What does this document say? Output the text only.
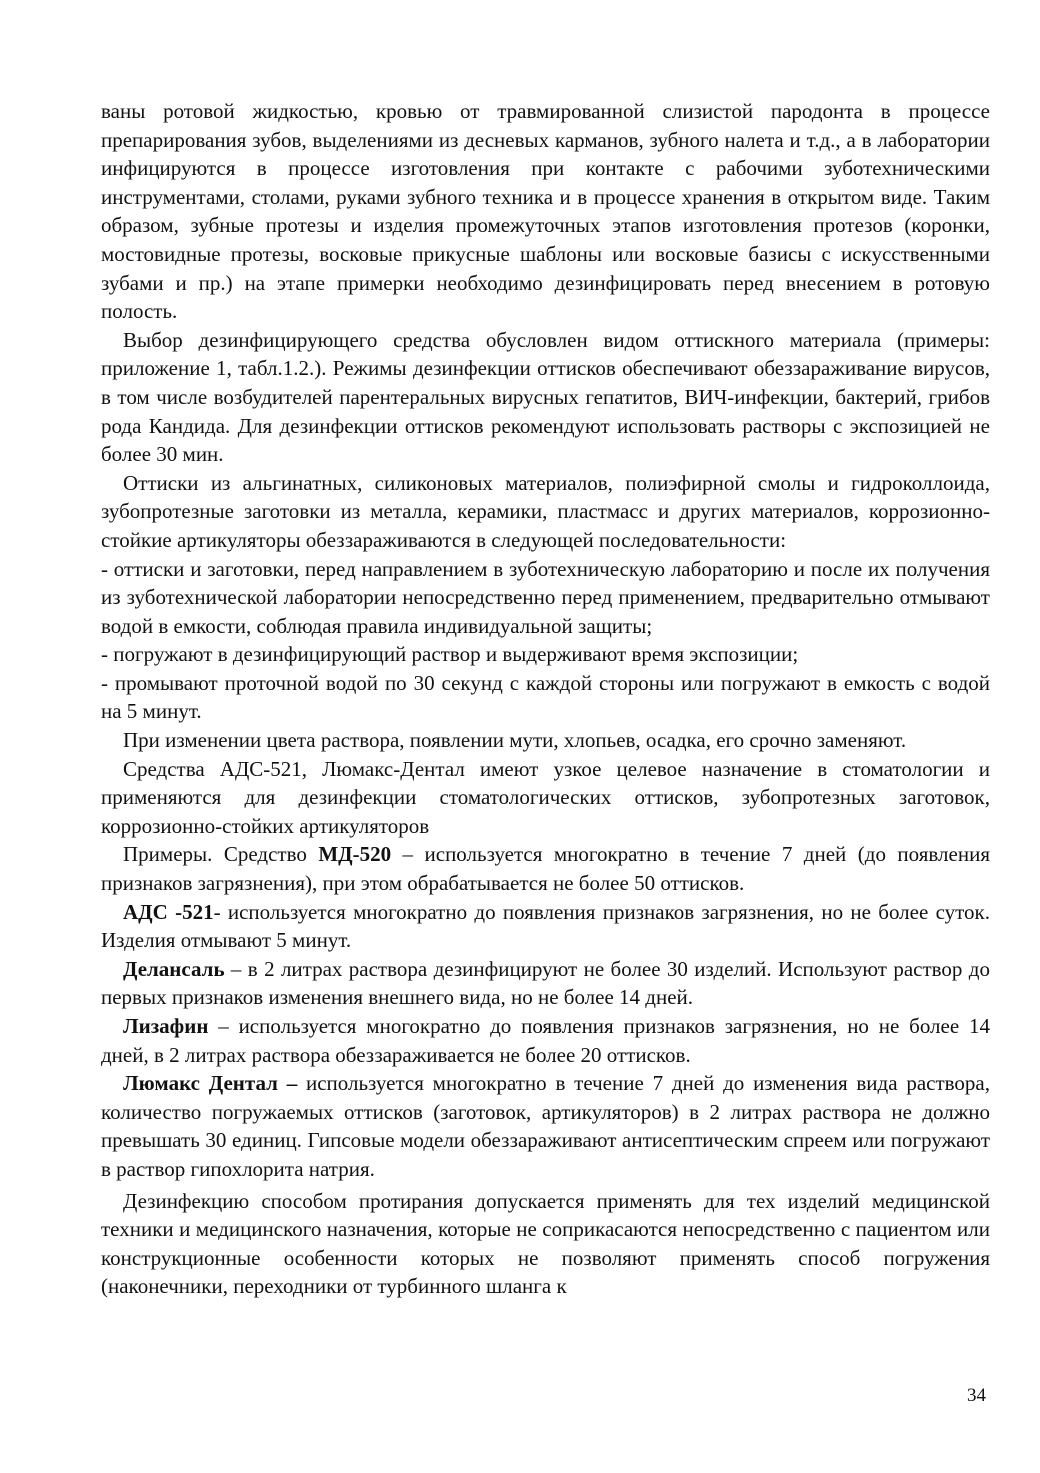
ваны ротовой жидкостью, кровью от травмированной слизистой пародонта в процессе препарирования зубов, выделениями из десневых карманов, зубного налета и т.д., а в лаборатории инфицируются в процессе изготовления при контакте с рабочими зуботехническими инструментами, столами, руками зубного техника и в процессе хранения в открытом виде. Таким образом, зубные протезы и изделия промежуточных этапов изготовления протезов (коронки, мостовидные протезы, восковые прикусные шаблоны или восковые базисы с искусственными зубами и пр.) на этапе примерки необходимо дезинфицировать перед внесением в ротовую полость.

Выбор дезинфицирующего средства обусловлен видом оттискного материала (примеры: приложение 1, табл.1.2.). Режимы дезинфекции оттисков обеспечивают обеззараживание вирусов, в том числе возбудителей парентеральных вирусных гепатитов, ВИЧ-инфекции, бактерий, грибов рода Кандида. Для дезинфекции оттисков рекомендуют использовать растворы с экспозицией не более 30 мин.

Оттиски из альгинатных, силиконовых материалов, полиэфирной смолы и гидроколлоида, зубопротезные заготовки из металла, керамики, пластмасс и других материалов, коррозионно-стойкие артикуляторы обеззараживаются в следующей последовательности:

- оттиски и заготовки, перед направлением в зуботехническую лабораторию и после их получения из зуботехнической лаборатории непосредственно перед применением, предварительно отмывают водой в емкости, соблюдая правила индивидуальной защиты;

- погружают в дезинфицирующий раствор и выдерживают время экспозиции;

- промывают проточной водой по 30 секунд с каждой стороны или погружают в емкость с водой на 5 минут.

При изменении цвета раствора, появлении мути, хлопьев, осадка, его срочно заменяют.

Средства АДС-521, Люмакс-Дентал имеют узкое целевое назначение в стоматологии и применяются для дезинфекции стоматологических оттисков, зубопротезных заготовок, коррозионно-стойких артикуляторов

Примеры. Средство МД-520 – используется многократно в течение 7 дней (до появления признаков загрязнения), при этом обрабатывается не более 50 оттисков.

АДС -521- используется многократно до появления признаков загрязнения, но не более суток. Изделия отмывают 5 минут.

Делансаль – в 2 литрах раствора дезинфицируют не более 30 изделий. Используют раствор до первых признаков изменения внешнего вида, но не более 14 дней.

Лизафин – используется многократно до появления признаков загрязнения, но не более 14 дней, в 2 литрах раствора обеззараживается не более 20 оттисков.

Люмакс Дентал – используется многократно в течение 7 дней до изменения вида раствора, количество погружаемых оттисков (заготовок, артикуляторов) в 2 литрах раствора не должно превышать 30 единиц. Гипсовые модели обеззараживают антисептическим спреем или погружают в раствор гипохлорита натрия.

Дезинфекцию способом протирания допускается применять для тех изделий медицинской техники и медицинского назначения, которые не соприкасаются непосредственно с пациентом или конструкционные особенности которых не позволяют применять способ погружения (наконечники, переходники от турбинного шланга к

34
